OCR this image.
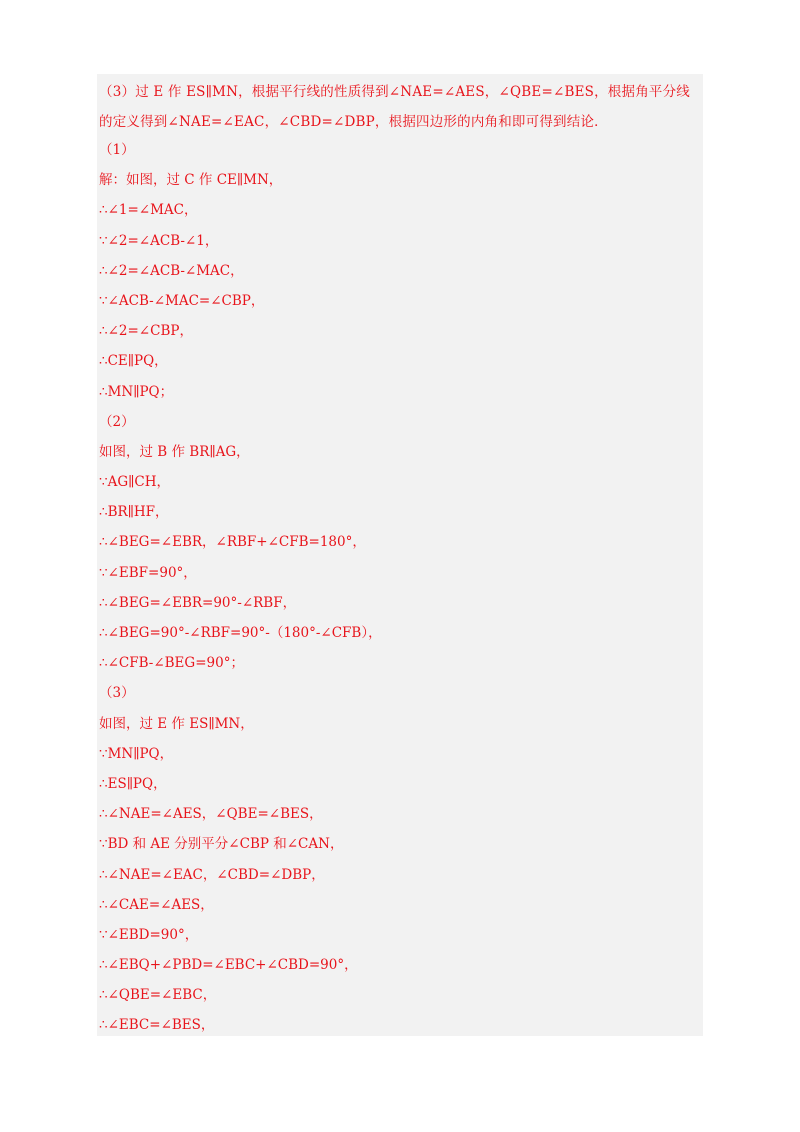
（3）过 E 作 ES∥MN，根据平行线的性质得到∠NAE=∠AES，∠QBE=∠BES，根据角平分线的定义得到∠NAE=∠EAC，∠CBD=∠DBP，根据四边形的内角和即可得到结论．
（1）
解：如图，过 C 作 CE∥MN，
∴∠1=∠MAC，
∵∠2=∠ACB-∠1，
∴∠2=∠ACB-∠MAC，
∵∠ACB-∠MAC=∠CBP，
∴∠2=∠CBP，
∴CE∥PQ，
∴MN∥PQ；
（2）
如图，过 B 作 BR∥AG，
∵AG∥CH，
∴BR∥HF，
∴∠BEG=∠EBR，∠RBF+∠CFB=180°，
∵∠EBF=90°，
∴∠BEG=∠EBR=90°-∠RBF，
∴∠BEG=90°-∠RBF=90°-（180°-∠CFB），
∴∠CFB-∠BEG=90°；
（3）
如图，过 E 作 ES∥MN，
∵MN∥PQ，
∴ES∥PQ，
∴∠NAE=∠AES，∠QBE=∠BES，
∵BD 和 AE 分别平分∠CBP 和∠CAN，
∴∠NAE=∠EAC，∠CBD=∠DBP，
∴∠CAE=∠AES，
∵∠EBD=90°，
∴∠EBQ+∠PBD=∠EBC+∠CBD=90°，
∴∠QBE=∠EBC，
∴∠EBC=∠BES，
